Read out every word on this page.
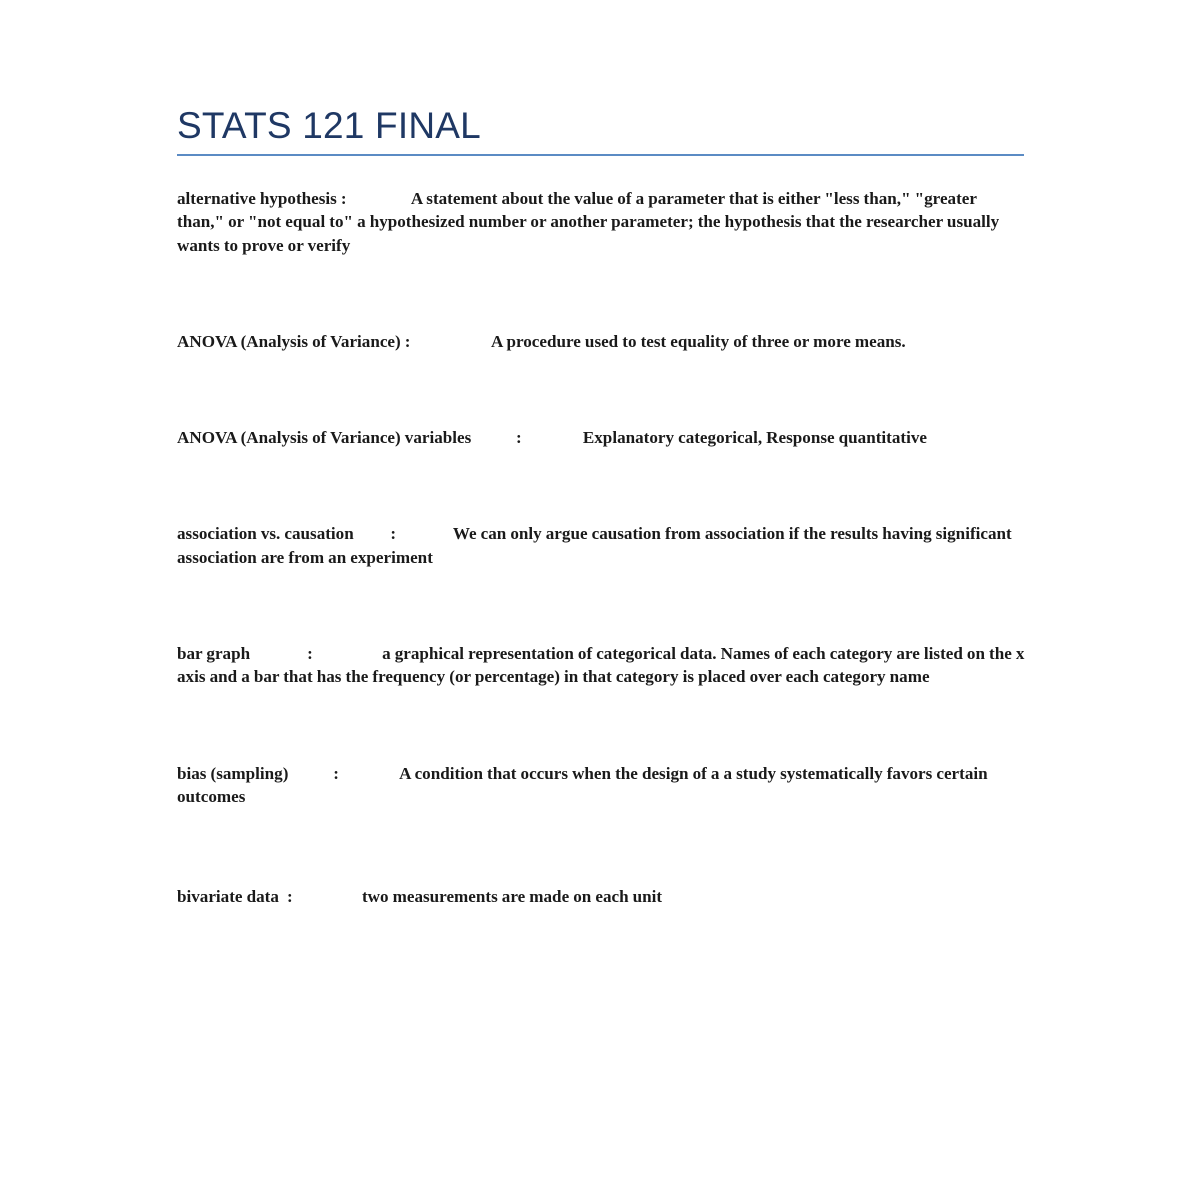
STATS 121 FINAL
alternative hypothesis :                A statement about the value of a parameter that is either "less than," "greater than," or "not equal to" a hypothesized number or another parameter; the hypothesis that the researcher usually wants to prove or verify
ANOVA (Analysis of Variance) :                    A procedure used to test equality of three or more means.
ANOVA (Analysis of Variance) variables           :               Explanatory categorical, Response quantitative
association vs. causation         :              We can only argue causation from association if the results having significant association are from an experiment
bar graph              :                 a graphical representation of categorical data. Names of each category are listed on the x axis and a bar that has the frequency (or percentage) in that category is placed over each category name
bias (sampling)           :               A condition that occurs when the design of a a study systematically favors certain outcomes
bivariate data  :                 two measurements are made on each unit
